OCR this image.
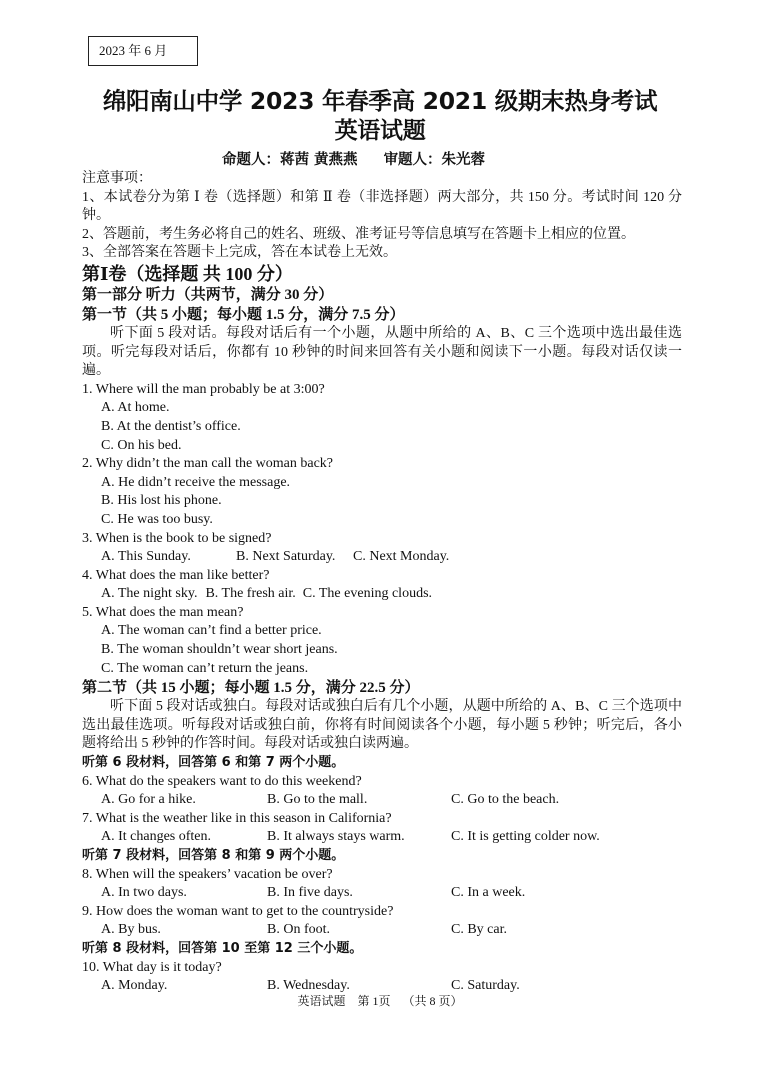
2023 年 6 月
绵阳南山中学 2023 年春季高 2021 级期末热身考试
英语试题
命题人：蒋茜 黄燕燕 审题人：朱光蓉
注意事项：
1、本试卷分为第 Ⅰ 卷（选择题）和第 Ⅱ 卷（非选择题）两大部分，共 150 分。考试时间 120 分钟。
2、答题前，考生务必将自己的姓名、班级、准考证号等信息填写在答题卡上相应的位置。
3、全部答案在答题卡上完成，答在本试卷上无效。
第Ⅰ卷（选择题 共 100 分）
第一部分 听力（共两节，满分 30 分）
第一节（共 5 小题；每小题 1.5 分，满分 7.5 分）
听下面 5 段对话。每段对话后有一个小题，从题中所给的 A、B、C 三个选项中选出最佳选项。听完每段对话后，你都有 10 秒钟的时间来回答有关小题和阅读下一小题。每段对话仅读一遍。
1. Where will the man probably be at 3:00?
A. At home.
B. At the dentist’s office.
C. On his bed.
2. Why didn’t the man call the woman back?
A. He didn’t receive the message.
B. His lost his phone.
C. He was too busy.
3. When is the book to be signed?
A. This Sunday.	B. Next Saturday.	C. Next Monday.
4. What does the man like better?
A. The night sky. B. The fresh air. C. The evening clouds.
5. What does the man mean?
A. The woman can’t find a better price.
B. The woman shouldn’t wear short jeans.
C. The woman can’t return the jeans.
第二节（共 15 小题；每小题 1.5 分，满分 22.5 分）
听下面 5 段对话或独白。每段对话或独白后有几个小题，从题中所给的 A、B、C 三个选项中选出最佳选项。听每段对话或独白前，你将有时间阅读各个小题，每小题 5 秒钟；听完后，各小题将给出 5 秒钟的作答时间。每段对话或独白读两遍。
听第 6 段材料，回答第 6 和第 7 两个小题。
6. What do the speakers want to do this weekend?
A. Go for a hike.	B. Go to the mall.	C. Go to the beach.
7. What is the weather like in this season in California?
A. It changes often.	B. It always stays warm.	C. It is getting colder now.
听第 7 段材料，回答第 8 和第 9 两个小题。
8. When will the speakers’ vacation be over?
A. In two days.	B. In five days.	C. In a week.
9. How does the woman want to get to the countryside?
A. By bus.	B. On foot.	C. By car.
听第 8 段材料，回答第 10 至第 12 三个小题。
10. What day is it today?
A. Monday.	B. Wednesday.	C. Saturday.
英语试题 第 1页 （共 8 页）
